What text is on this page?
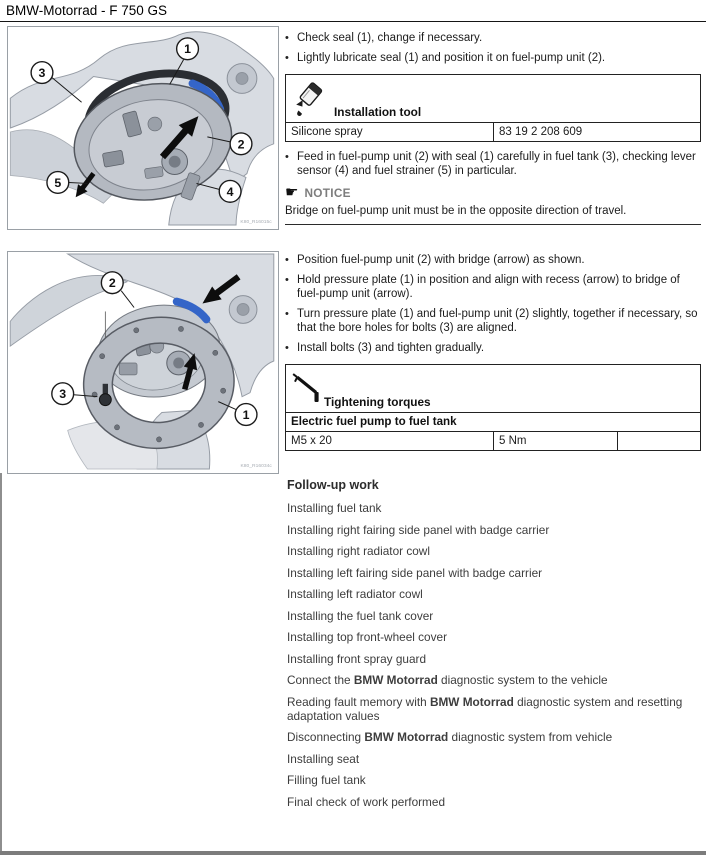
BMW-Motorrad - F 750 GS
1
3
2
5
4
K80_R16015c
2
3
1
K80_R16034c
• Check seal (1), change if necessary.
• Lightly lubricate seal (1) and position it on fuel-pump unit (2).
Installation tool
Silicone spray	83 19 2 208 609
• Feed in fuel-pump unit (2) with seal (1) carefully in fuel tank (3), checking lever sensor (4) and fuel strainer (5) in particular.
☛ NOTICE
Bridge on fuel-pump unit must be in the opposite direction of travel.
• Position fuel-pump unit (2) with bridge (arrow) as shown.
• Hold pressure plate (1) in position and align with recess (arrow) to bridge of fuel-pump unit (arrow).
• Turn pressure plate (1) and fuel-pump unit (2) slightly, together if necessary, so that the bore holes for bolts (3) are aligned.
• Install bolts (3) and tighten gradually.
Tightening torques
Electric fuel pump to fuel tank
M5 x 20	5 Nm
Follow-up work
Installing fuel tank
Installing right fairing side panel with badge carrier
Installing right radiator cowl
Installing left fairing side panel with badge carrier
Installing left radiator cowl
Installing the fuel tank cover
Installing top front-wheel cover
Installing front spray guard
Connect the BMW Motorrad diagnostic system to the vehicle
Reading fault memory with BMW Motorrad diagnostic system and resetting adaptation values
Disconnecting BMW Motorrad diagnostic system from vehicle
Installing seat
Filling fuel tank
Final check of work performed
